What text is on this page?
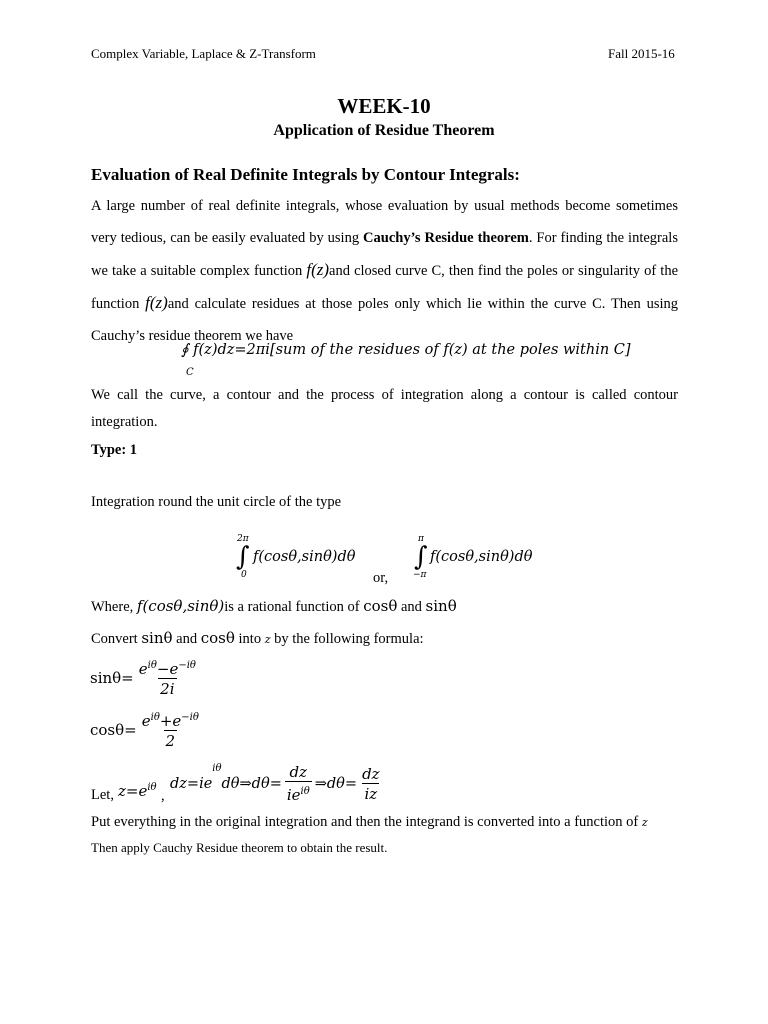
Complex Variable, Laplace & Z-Transform	Fall 2015-16
WEEK-10
Application of Residue Theorem
Evaluation of Real Definite Integrals by Contour Integrals:
A large number of real definite integrals, whose evaluation by usual methods become sometimes very tedious, can be easily evaluated by using Cauchy’s Residue theorem. For finding the integrals we take a suitable complex function f(z)and closed curve C, then find the poles or singularity of the function f(z)and calculate residues at those poles only which lie within the curve C. Then using Cauchy’s residue theorem we have
∮ f(z)dz=2πi[sum of the residues of f(z) at the poles within C]
C
We call the curve, a contour and the process of integration along a contour is called contour integration.
Type: 1
Integration round the unit circle of the type
2π
∫
0
f(cosθ,sinθ)dθ
or,
π
∫
−π
f(cosθ,sinθ)dθ
Where, f(cosθ,sinθ)is a rational function of cosθ and sinθ
Convert sinθ and cosθ into z by the following formula:
$\sin\theta= \frac{e^{i\theta}-e^{-i\theta}}{2i}$
$\cos\theta= \frac{e^{i\theta}+e^{-i\theta}}{2}$
Let, $z=e^{i\theta}$
,
dz=ie
iθ
dθ⇒dθ= $\frac{dz}{ie^{i\theta}}$ ⇒dθ= $\frac{dz}{iz}$
Put everything in the original integration and then the integrand is converted into a function of z
Then apply Cauchy Residue theorem to obtain the result.
